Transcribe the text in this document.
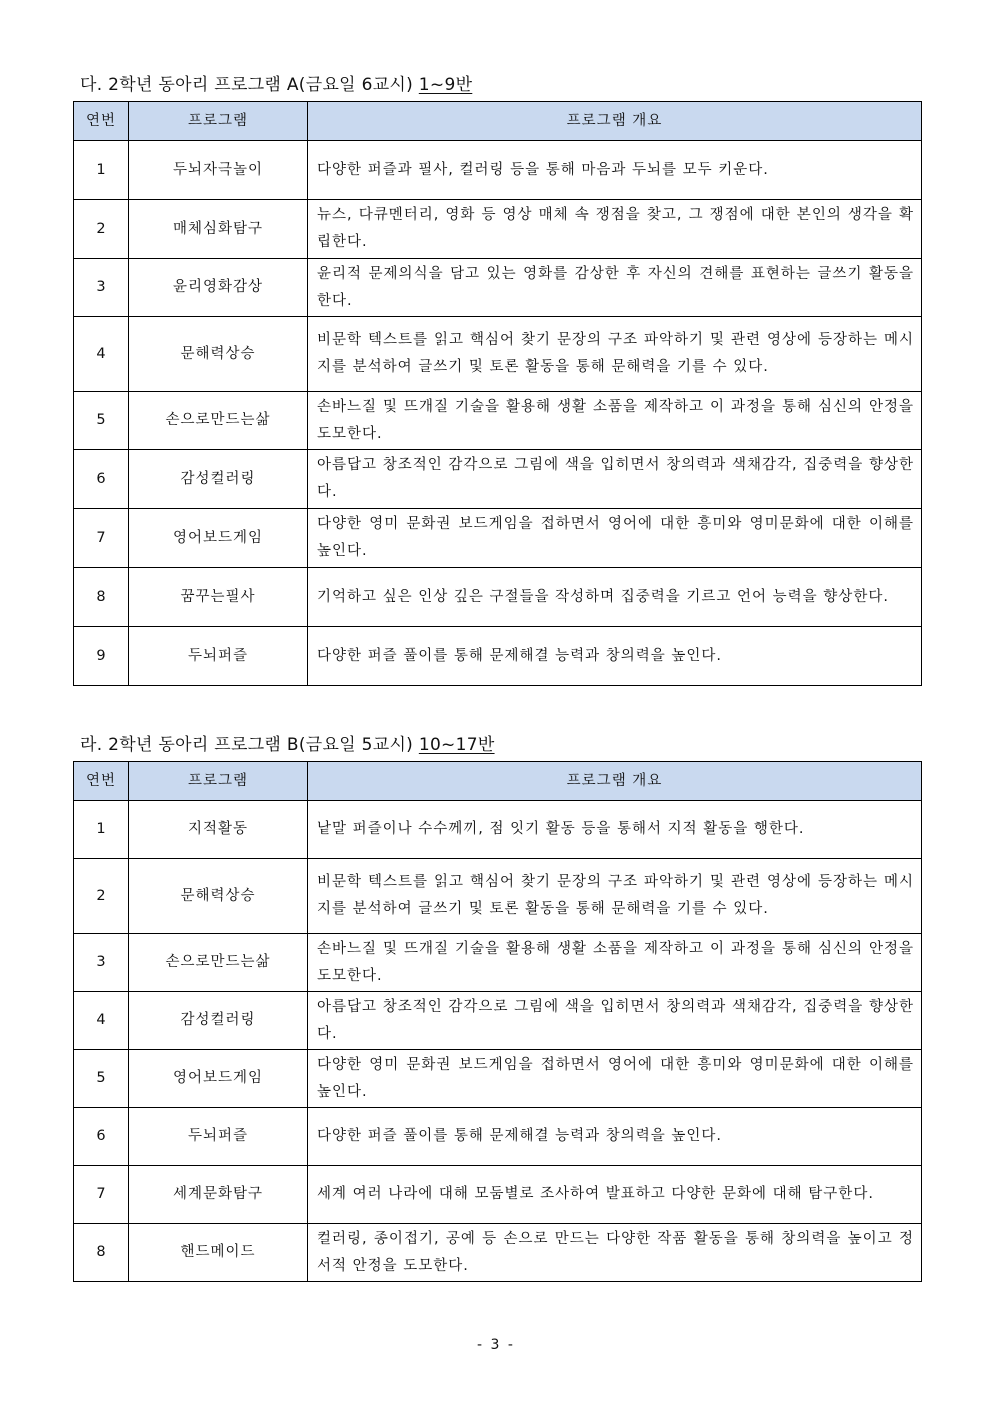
다. 2학년 동아리 프로그램 A(금요일 6교시) 1~9반
연번	프로그램	프로그램 개요
1	두뇌자극놀이	다양한 퍼즐과 필사, 컬러링 등을 통해 마음과 두뇌를 모두 키운다.
2	매체심화탐구	뉴스, 다큐멘터리, 영화 등 영상 매체 속 쟁점을 찾고, 그 쟁점에 대한 본인의 생각을 확립한다.
3	윤리영화감상	윤리적 문제의식을 담고 있는 영화를 감상한 후 자신의 견해를 표현하는 글쓰기 활동을 한다.
4	문해력상승	비문학 텍스트를 읽고 핵심어 찾기 문장의 구조 파악하기 및 관련 영상에 등장하는 메시지를 분석하여 글쓰기 및 토론 활동을 통해 문해력을 기를 수 있다.
5	손으로만드는삶	손바느질 및 뜨개질 기술을 활용해 생활 소품을 제작하고 이 과정을 통해 심신의 안정을 도모한다.
6	감성컬러링	아름답고 창조적인 감각으로 그림에 색을 입히면서 창의력과 색채감각, 집중력을 향상한다.
7	영어보드게임	다양한 영미 문화권 보드게임을 접하면서 영어에 대한 흥미와 영미문화에 대한 이해를 높인다.
8	꿈꾸는필사	기억하고 싶은 인상 깊은 구절들을 작성하며 집중력을 기르고 언어 능력을 향상한다.
9	두뇌퍼즐	다양한 퍼즐 풀이를 통해 문제해결 능력과 창의력을 높인다.
라. 2학년 동아리 프로그램 B(금요일 5교시) 10~17반
연번	프로그램	프로그램 개요
1	지적활동	낱말 퍼즐이나 수수께끼, 점 잇기 활동 등을 통해서 지적 활동을 행한다.
2	문해력상승	비문학 텍스트를 읽고 핵심어 찾기 문장의 구조 파악하기 및 관련 영상에 등장하는 메시지를 분석하여 글쓰기 및 토론 활동을 통해 문해력을 기를 수 있다.
3	손으로만드는삶	손바느질 및 뜨개질 기술을 활용해 생활 소품을 제작하고 이 과정을 통해 심신의 안정을 도모한다.
4	감성컬러링	아름답고 창조적인 감각으로 그림에 색을 입히면서 창의력과 색채감각, 집중력을 향상한다.
5	영어보드게임	다양한 영미 문화권 보드게임을 접하면서 영어에 대한 흥미와 영미문화에 대한 이해를 높인다.
6	두뇌퍼즐	다양한 퍼즐 풀이를 통해 문제해결 능력과 창의력을 높인다.
7	세계문화탐구	세계 여러 나라에 대해 모둠별로 조사하여 발표하고 다양한 문화에 대해 탐구한다.
8	핸드메이드	컬러링, 종이접기, 공예 등 손으로 만드는 다양한 작품 활동을 통해 창의력을 높이고 정서적 안정을 도모한다.
- 3 -
